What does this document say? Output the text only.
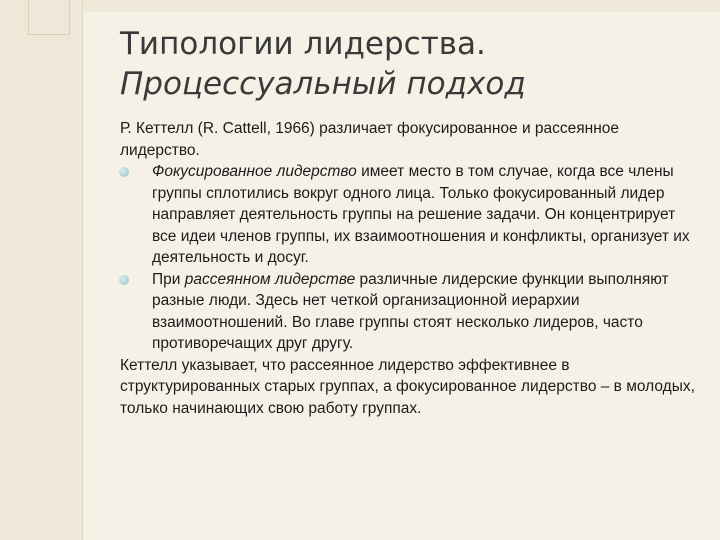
Типологии лидерства.
Процессуальный подход

Р. Кеттелл (R. Cattell, 1966) различает фокусированное и рассеянное лидерство.

Фокусированное лидерство имеет место в том случае, когда все члены группы сплотились вокруг одного лица. Только фокусированный лидер направляет деятельность группы на решение задачи. Он концентрирует все идеи членов группы, их взаимоотношения и конфликты, организует их деятельность и досуг.

При рассеянном лидерстве различные лидерские функции выполняют разные люди. Здесь нет четкой организационной иерархии взаимоотношений. Во главе группы стоят несколько лидеров, часто противоречащих друг другу.

Кеттелл указывает, что рассеянное лидерство эффективнее в структурированных старых группах, а фокусированное лидерство – в молодых, только начинающих свою работу группах.
